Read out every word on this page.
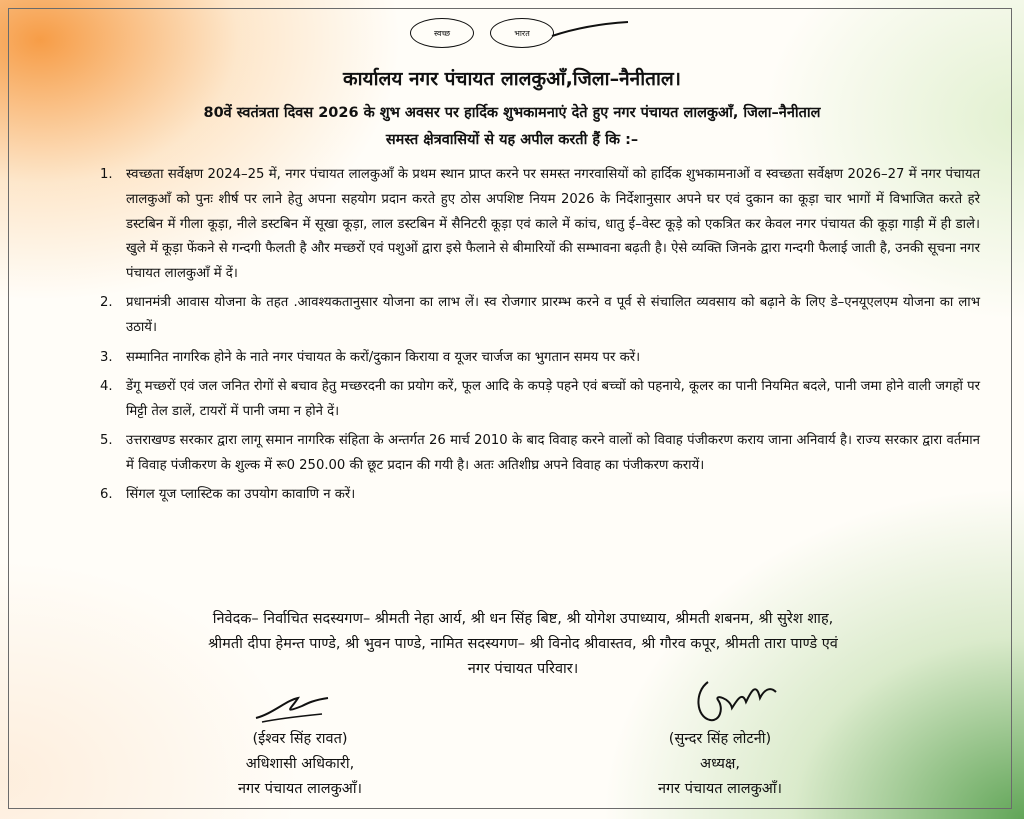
स्वच्छ	भारत
कार्यालय नगर पंचायत लालकुआँ,जिला–नैनीताल।
80वें स्वतंत्रता दिवस 2026 के शुभ अवसर पर हार्दिक शुभकामनाएं देते हुए नगर पंचायत लालकुआँ, जिला–नैनीताल
समस्त क्षेत्रवासियों से यह अपील करती हैं कि :–
1. स्वच्छता सर्वेक्षण 2024–25 में, नगर पंचायत लालकुआँ के प्रथम स्थान प्राप्त करने पर समस्त नगरवासियों को हार्दिक शुभकामनाओं व स्वच्छता सर्वेक्षण 2026–27 में नगर पंचायत लालकुआँ को पुनः शीर्ष पर लाने हेतु अपना सहयोग प्रदान करते हुए ठोस अपशिष्ट नियम 2026 के निर्देशानुसार अपने घर एवं दुकान का कूड़ा चार भागों में विभाजित करते हरे डस्टबिन में गीला कूड़ा, नीले डस्टबिन में सूखा कूड़ा, लाल डस्टबिन में सैनिटरी कूड़ा एवं काले में कांच, धातु ई–वेस्ट कूड़े को एकत्रित कर केवल नगर पंचायत की कूड़ा गाड़ी में ही डाले। खुले में कूड़ा फेंकने से गन्दगी फैलती है और मच्छरों एवं पशुओं द्वारा इसे फैलाने से बीमारियों की सम्भावना बढ़ती है। ऐसे व्यक्ति जिनके द्वारा गन्दगी फैलाई जाती है, उनकी सूचना नगर पंचायत लालकुआँ में दें।
2. प्रधानमंत्री आवास योजना के तहत .आवश्यकतानुसार योजना का लाभ लें। स्व रोजगार प्रारम्भ करने व पूर्व से संचालित व्यवसाय को बढ़ाने के लिए डे–एनयूएलएम योजना का लाभ उठायें।
3. सम्मानित नागरिक होने के नाते नगर पंचायत के करों/दुकान किराया व यूजर चार्जज का भुगतान समय पर करें।
4. डेंगू मच्छरों एवं जल जनित रोगों से बचाव हेतु मच्छरदनी का प्रयोग करें, फूल आदि के कपड़े पहने एवं बच्चों को पहनाये, कूलर का पानी नियमित बदले, पानी जमा होने वाली जगहों पर मिट्टी तेल डालें, टायरों में पानी जमा न होने दें।
5. उत्तराखण्ड सरकार द्वारा लागू समान नागरिक संहिता के अन्तर्गत 26 मार्च 2010 के बाद विवाह करने वालों को विवाह पंजीकरण कराय जाना अनिवार्य है। राज्य सरकार द्वारा वर्तमान में विवाह पंजीकरण के शुल्क में रू0 250.00 की छूट प्रदान की गयी है। अतः अतिशीघ्र अपने विवाह का पंजीकरण करायें।
6. सिंगल यूज प्लास्टिक का उपयोग कावाणि न करें।
निवेदक– निर्वाचित सदस्यगण– श्रीमती नेहा आर्य, श्री धन सिंह बिष्ट, श्री योगेश उपाध्याय, श्रीमती शबनम, श्री सुरेश शाह,
श्रीमती दीपा हेमन्त पाण्डे, श्री भुवन पाण्डे, नामित सदस्यगण– श्री विनोद श्रीवास्तव, श्री गौरव कपूर, श्रीमती तारा पाण्डे एवं
नगर पंचायत परिवार।
(ईश्वर सिंह रावत)
अधिशासी अधिकारी,
नगर पंचायत लालकुआँ।
(सुन्दर सिंह लोटनी)
अध्यक्ष,
नगर पंचायत लालकुआँ।
